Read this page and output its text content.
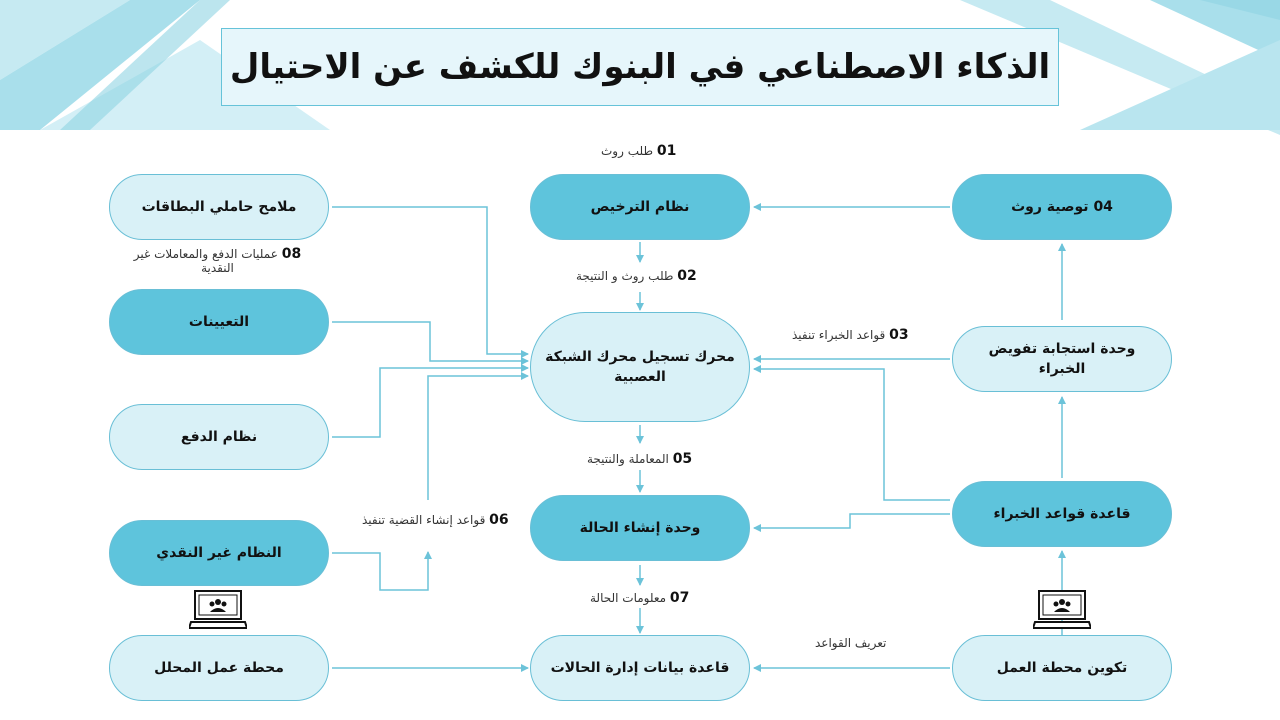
الذكاء الاصطناعي في البنوك للكشف عن الاحتيال
نظام الترخيص
محرك تسجيل محرك الشبكة العصبية
وحدة إنشاء الحالة
قاعدة بيانات إدارة الحالات
04 توصية روث
وحدة استجابة تفويض الخبراء
قاعدة قواعد الخبراء
تكوين محطة العمل
ملامح حاملي البطاقات
التعيينات
نظام الدفع
النظام غير النقدي
محطة عمل المحلل
01 طلب روث
02 طلب روث و النتيجة
03 قواعد الخبراء تنفيذ
05 المعاملة والنتيجة
06 قواعد إنشاء القضية تنفيذ
07 معلومات الحالة
08 عمليات الدفع والمعاملات غير النقدية
تعريف القواعد
